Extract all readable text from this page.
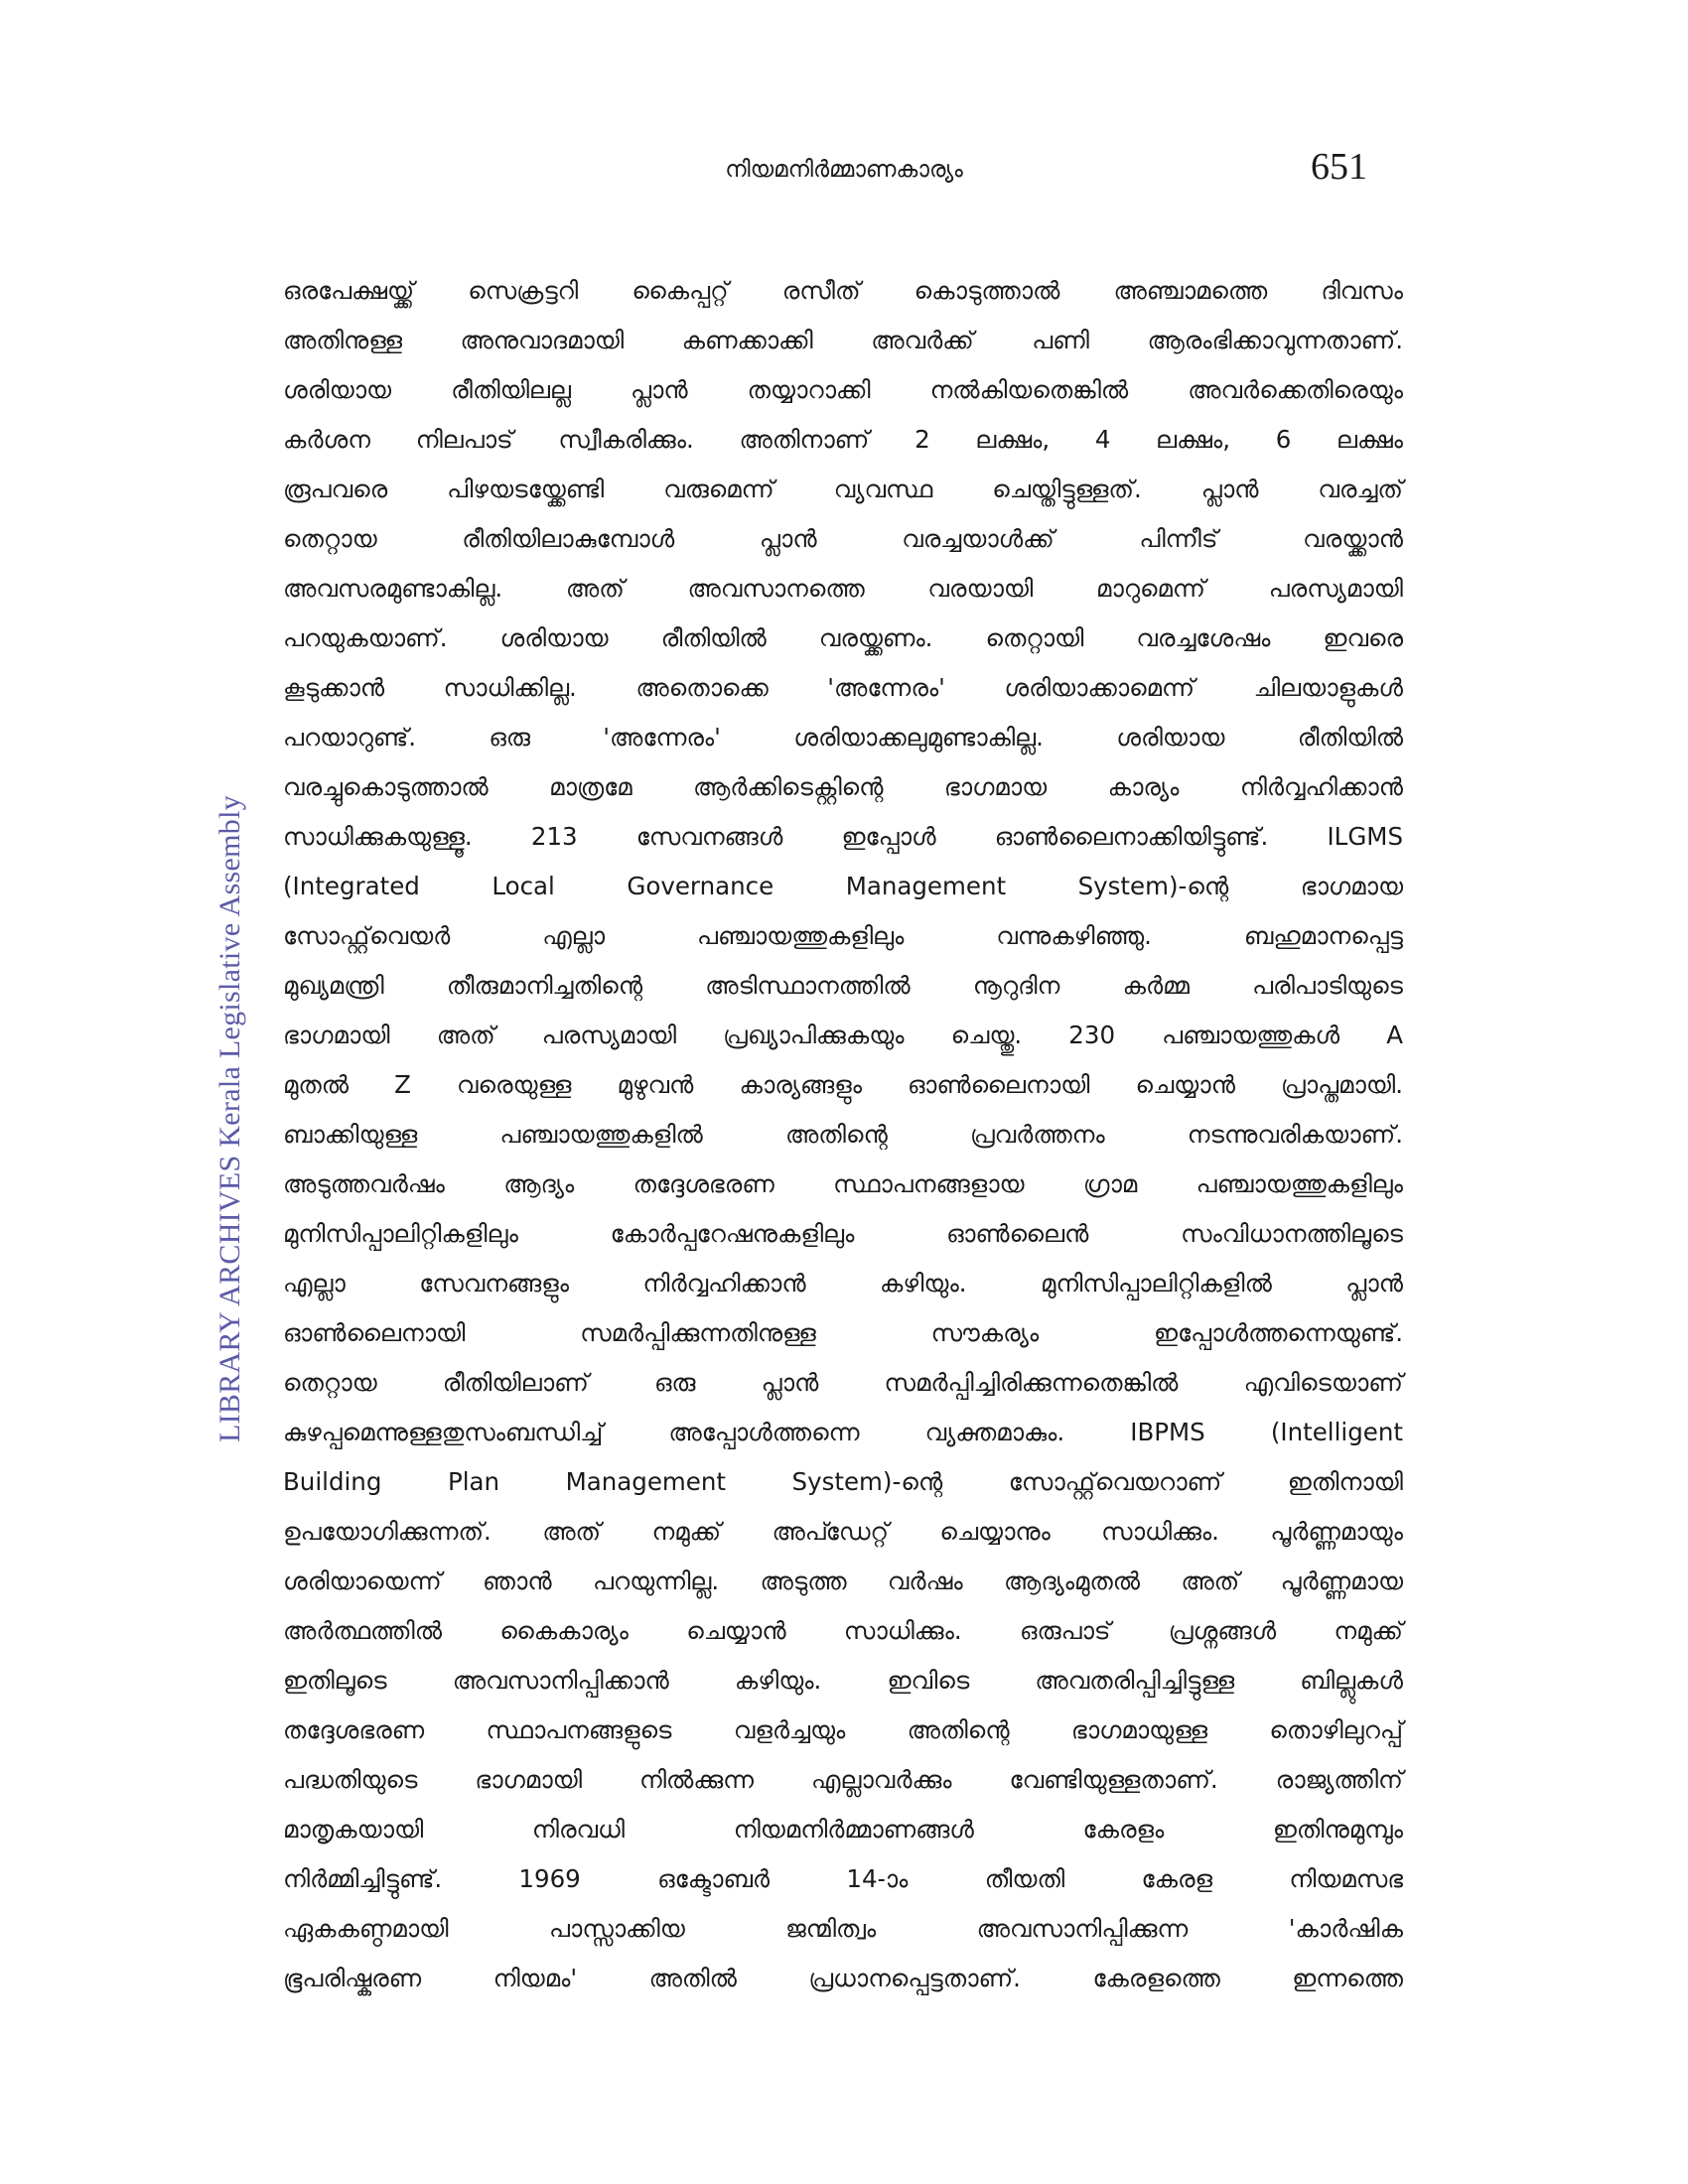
നിയമനിർമ്മാണകാര്യം	651
LIBRARY ARCHIVES Kerala Legislative Assembly
ഒരപേക്ഷയ്ക്ക് സെക്രട്ടറി കൈപ്പറ്റ് രസീത് കൊടുത്താൽ അഞ്ചാമത്തെ ദിവസം
അതിനുള്ള അനുവാദമായി കണക്കാക്കി അവർക്ക് പണി ആരംഭിക്കാവുന്നതാണ്.
ശരിയായ രീതിയിലല്ല പ്ലാൻ തയ്യാറാക്കി നൽകിയതെങ്കിൽ അവർക്കെതിരെയും
കർശന നിലപാട് സ്വീകരിക്കും. അതിനാണ് 2 ലക്ഷം, 4 ലക്ഷം, 6 ലക്ഷം
രൂപവരെ പിഴയടയ്ക്കേണ്ടി വരുമെന്ന് വ്യവസ്ഥ ചെയ്തിട്ടുള്ളത്. പ്ലാൻ വരച്ചത്
തെറ്റായ രീതിയിലാകുമ്പോൾ പ്ലാൻ വരച്ചയാൾക്ക് പിന്നീട് വരയ്ക്കാൻ
അവസരമുണ്ടാകില്ല. അത് അവസാനത്തെ വരയായി മാറുമെന്ന് പരസ്യമായി
പറയുകയാണ്. ശരിയായ രീതിയിൽ വരയ്ക്കണം. തെറ്റായി വരച്ചശേഷം ഇവരെ
കൂടുക്കാൻ സാധിക്കില്ല. അതൊക്കെ 'അന്നേരം' ശരിയാക്കാമെന്ന് ചിലയാളുകൾ
പറയാറുണ്ട്. ഒരു 'അന്നേരം' ശരിയാക്കലുമുണ്ടാകില്ല. ശരിയായ രീതിയിൽ
വരച്ചുകൊടുത്താൽ മാത്രമേ ആർക്കിടെക്റ്റിന്റെ ഭാഗമായ കാര്യം നിർവ്വഹിക്കാൻ
സാധിക്കുകയുള്ളൂ. 213 സേവനങ്ങൾ ഇപ്പോൾ ഓൺലൈനാക്കിയിട്ടുണ്ട്. ILGMS
(Integrated Local Governance Management System)-ന്റെ ഭാഗമായ
സോഫ്റ്റ്‌വെയർ എല്ലാ പഞ്ചായത്തുകളിലും വന്നുകഴിഞ്ഞു. ബഹുമാനപ്പെട്ട
മുഖ്യമന്ത്രി തീരുമാനിച്ചതിന്റെ അടിസ്ഥാനത്തിൽ നൂറുദിന കർമ്മ പരിപാടിയുടെ
ഭാഗമായി അത് പരസ്യമായി പ്രഖ്യാപിക്കുകയും ചെയ്തു. 230 പഞ്ചായത്തുകൾ A
മുതൽ Z വരെയുള്ള മുഴുവൻ കാര്യങ്ങളും ഓൺലൈനായി ചെയ്യാൻ പ്രാപ്തമായി.
ബാക്കിയുള്ള പഞ്ചായത്തുകളിൽ അതിന്റെ പ്രവർത്തനം നടന്നുവരികയാണ്.
അടുത്തവർഷം ആദ്യം തദ്ദേശഭരണ സ്ഥാപനങ്ങളായ ഗ്രാമ പഞ്ചായത്തുകളിലും
മുനിസിപ്പാലിറ്റികളിലും കോർപ്പറേഷനുകളിലും ഓൺലൈൻ സംവിധാനത്തിലൂടെ
എല്ലാ സേവനങ്ങളും നിർവ്വഹിക്കാൻ കഴിയും. മുനിസിപ്പാലിറ്റികളിൽ പ്ലാൻ
ഓൺലൈനായി സമർപ്പിക്കുന്നതിനുള്ള സൗകര്യം ഇപ്പോൾത്തന്നെയുണ്ട്.
തെറ്റായ രീതിയിലാണ് ഒരു പ്ലാൻ സമർപ്പിച്ചിരിക്കുന്നതെങ്കിൽ എവിടെയാണ്
കുഴപ്പമെന്നുള്ളതുസംബന്ധിച്ച് അപ്പോൾത്തന്നെ വ്യക്തമാകും. IBPMS (Intelligent
Building Plan Management System)-ന്റെ സോഫ്റ്റ്‌വെയറാണ് ഇതിനായി
ഉപയോഗിക്കുന്നത്. അത് നമുക്ക് അപ്ഡേറ്റ് ചെയ്യാനും സാധിക്കും. പൂർണ്ണമായും
ശരിയായെന്ന് ഞാൻ പറയുന്നില്ല. അടുത്ത വർഷം ആദ്യംമുതൽ അത് പൂർണ്ണമായ
അർത്ഥത്തിൽ കൈകാര്യം ചെയ്യാൻ സാധിക്കും. ഒരുപാട് പ്രശ്നങ്ങൾ നമുക്ക്
ഇതിലൂടെ അവസാനിപ്പിക്കാൻ കഴിയും. ഇവിടെ അവതരിപ്പിച്ചിട്ടുള്ള ബില്ലുകൾ
തദ്ദേശഭരണ സ്ഥാപനങ്ങളുടെ വളർച്ചയും അതിന്റെ ഭാഗമായുള്ള തൊഴിലുറപ്പ്
പദ്ധതിയുടെ ഭാഗമായി നിൽക്കുന്ന എല്ലാവർക്കും വേണ്ടിയുള്ളതാണ്. രാജ്യത്തിന്
മാതൃകയായി നിരവധി നിയമനിർമ്മാണങ്ങൾ കേരളം ഇതിനുമുമ്പും
നിർമ്മിച്ചിട്ടുണ്ട്. 1969 ഒക്ടോബർ 14-ാം തീയതി കേരള നിയമസഭ
ഏകകണ്ഠമായി പാസ്സാക്കിയ ജന്മിത്വം അവസാനിപ്പിക്കുന്ന 'കാർഷിക
ഭൂപരിഷ്കരണ നിയമം' അതിൽ പ്രധാനപ്പെട്ടതാണ്. കേരളത്തെ ഇന്നത്തെ
